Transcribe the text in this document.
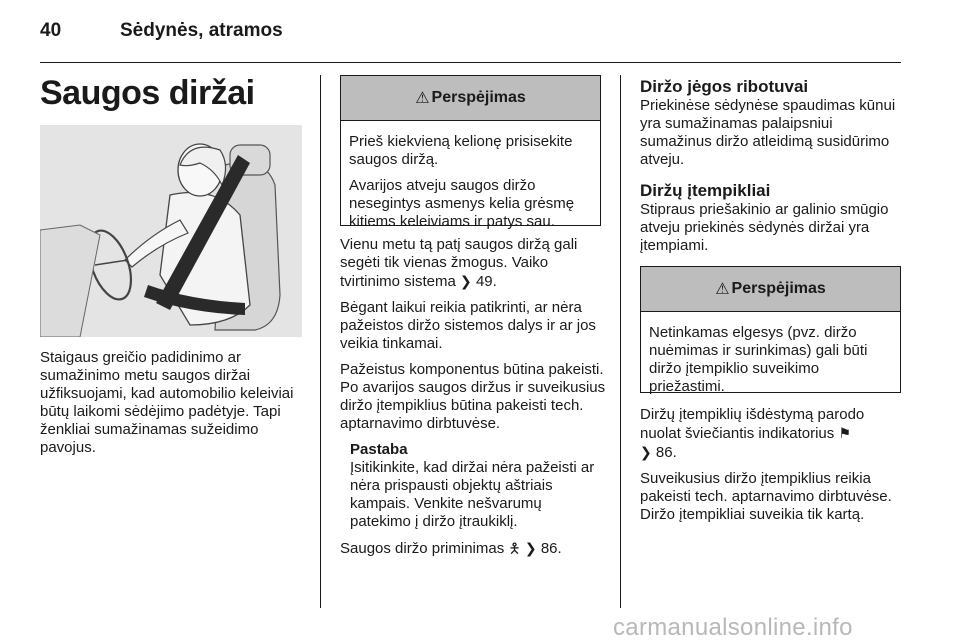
40	Sėdynės, atramos
Saugos diržai

Staigaus greičio padidinimo ar sumažinimo metu saugos diržai užfiksuojami, kad automobilio keleiviai būtų laikomi sėdėjimo padėtyje. Tapi ženkliai sumažinamas sužeidimo pavojus.

⚠ Perspėjimas

Prieš kiekvieną kelionę prisisekite saugos diržą.

Avarijos atveju saugos diržo nesegintys asmenys kelia grėsmę kitiems keleiviams ir patys sau.

Vienu metu tą patį saugos diržą gali segėti tik vienas žmogus. Vaiko tvirtinimo sistema ❯ 49.

Bėgant laikui reikia patikrinti, ar nėra pažeistos diržo sistemos dalys ir ar jos veikia tinkamai.

Pažeistus komponentus būtina pakeisti. Po avarijos saugos diržus ir suveikusius diržo įtempiklius būtina pakeisti tech. aptarnavimo dirbtuvėse.

Pastaba
Įsitikinkite, kad diržai nėra pažeisti ar nėra prispausti objektų aštriais kampais. Venkite nešvarumų patekimo į diržo įtraukiklį.

Saugos diržo priminimas 🯅 ❯ 86.

Diržo jėgos ribotuvai

Priekinėse sėdynėse spaudimas kūnui yra sumažinamas palaipsniui sumažinus diržo atleidimą susidūrimo atveju.

Diržų įtempikliai

Stipraus priešakinio ar galinio smūgio atveju priekinės sėdynės diržai yra įtempiami.

⚠ Perspėjimas

Netinkamas elgesys (pvz. diržo nuėmimas ir surinkimas) gali būti diržo įtempiklio suveikimo priežastimi.

Diržų įtempiklių išdėstymą parodo nuolat šviečiantis indikatorius ⚑
❯ 86.

Suveikusius diržo įtempiklius reikia pakeisti tech. aptarnavimo dirbtuvėse. Diržo įtempikliai suveikia tik kartą.

carmanualsonline.info
